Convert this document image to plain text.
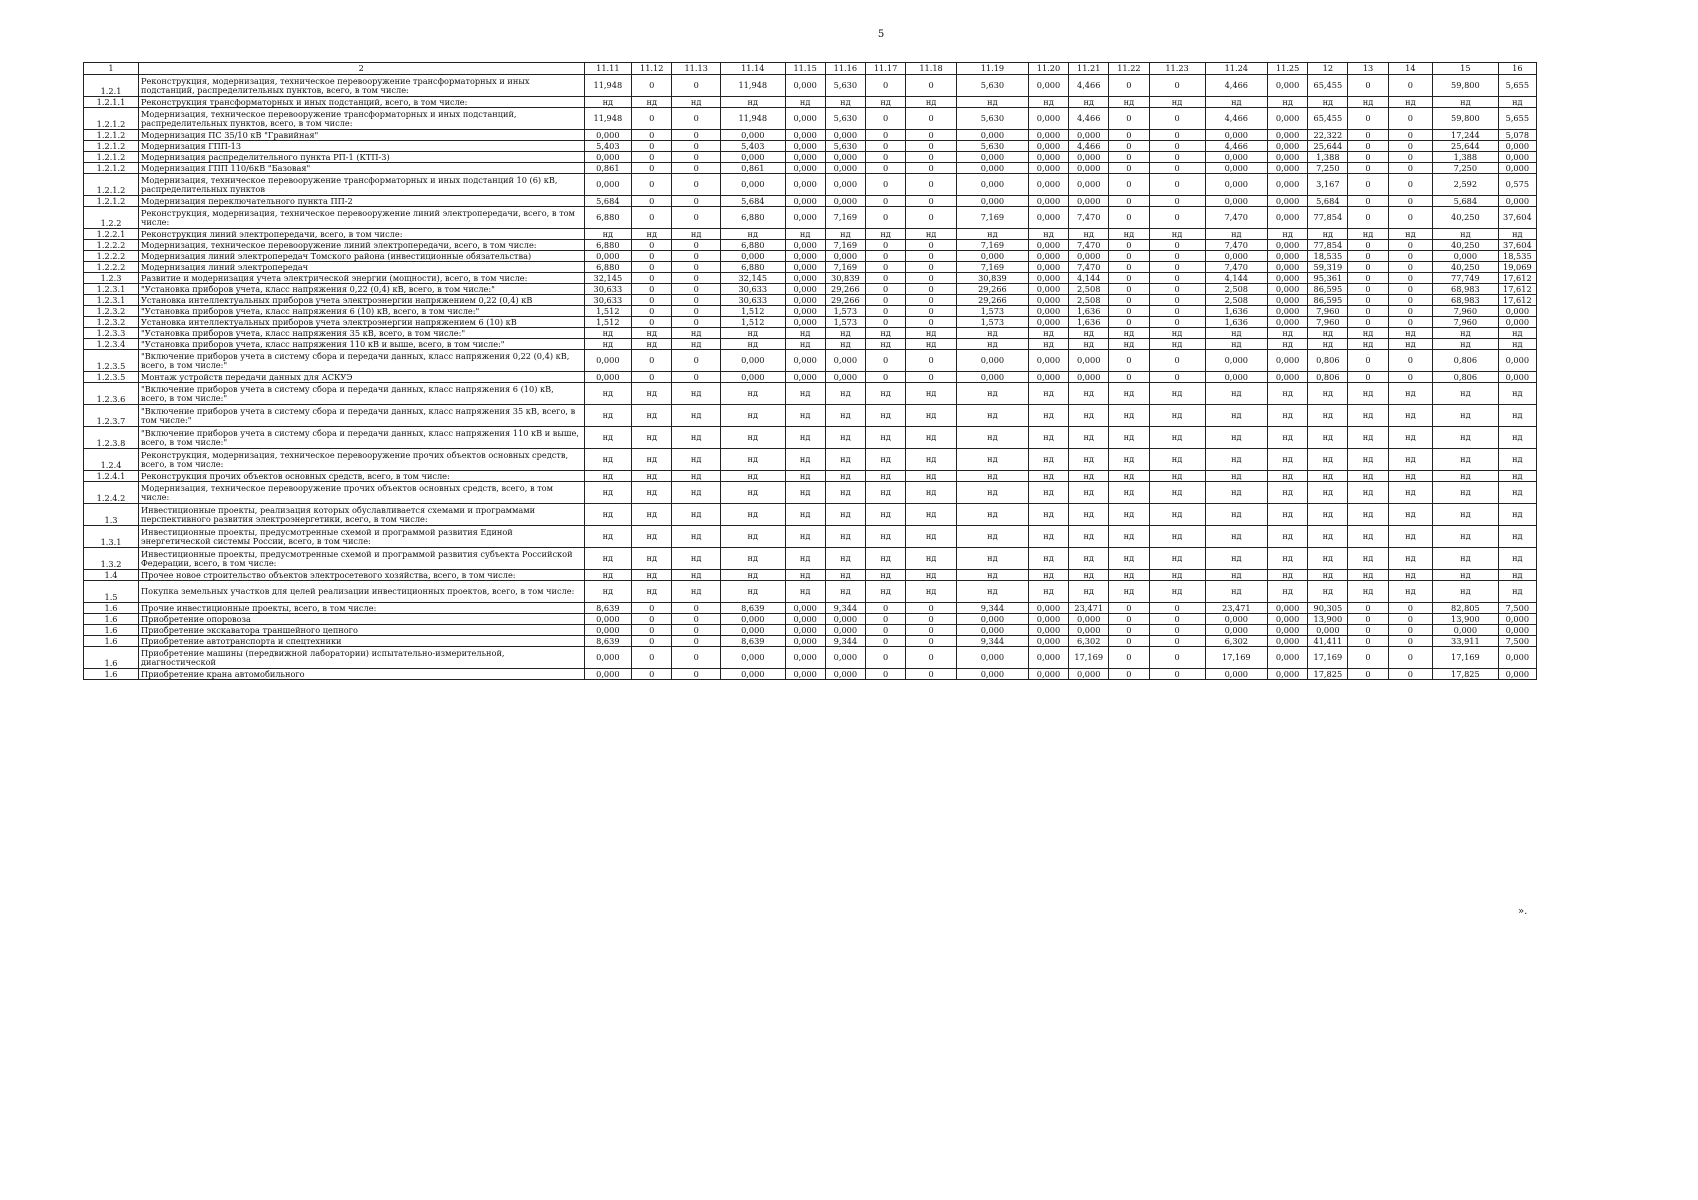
5
1	2	11.11	11.12	11.13	11.14	11.15	11.16	11.17	11.18	11.19	11.20	11.21	11.22	11.23	11.24	11.25	12	13	14	15	16
1.2.1	Реконструкция, модернизация, техническое перевооружение трансформаторных и иных подстанций, распределительных пунктов, всего, в том числе:	11,948	0	0	11,948	0,000	5,630	0	0	5,630	0,000	4,466	0	0	4,466	0,000	65,455	0	0	59,800	5,655
1.2.1.1	Реконструкция трансформаторных и иных подстанций, всего, в том числе:	нд	нд	нд	нд	нд	нд	нд	нд	нд	нд	нд	нд	нд	нд	нд	нд	нд	нд	нд	нд
1.2.1.2	Модернизация, техническое перевооружение трансформаторных и иных подстанций, распределительных пунктов, всего, в том числе:	11,948	0	0	11,948	0,000	5,630	0	0	5,630	0,000	4,466	0	0	4,466	0,000	65,455	0	0	59,800	5,655
1.2.1.2	Модернизация ПС 35/10 кВ "Гравийная"	0,000	0	0	0,000	0,000	0,000	0	0	0,000	0,000	0,000	0	0	0,000	0,000	22,322	0	0	17,244	5,078
1.2.1.2	Модернизация ГПП-13	5,403	0	0	5,403	0,000	5,630	0	0	5,630	0,000	4,466	0	0	4,466	0,000	25,644	0	0	25,644	0,000
1.2.1.2	Модернизация распределительного пункта РП-1 (КТП-3)	0,000	0	0	0,000	0,000	0,000	0	0	0,000	0,000	0,000	0	0	0,000	0,000	1,388	0	0	1,388	0,000
1.2.1.2	Модернизация ГПП 110/6кВ "Базовая"	0,861	0	0	0,861	0,000	0,000	0	0	0,000	0,000	0,000	0	0	0,000	0,000	7,250	0	0	7,250	0,000
1.2.1.2	Модернизация, техническое перевооружение трансформаторных и иных подстанций 10 (6) кВ, распределительных пунктов	0,000	0	0	0,000	0,000	0,000	0	0	0,000	0,000	0,000	0	0	0,000	0,000	3,167	0	0	2,592	0,575
1.2.1.2	Модернизация переключательного пункта ПП-2	5,684	0	0	5,684	0,000	0,000	0	0	0,000	0,000	0,000	0	0	0,000	0,000	5,684	0	0	5,684	0,000
1.2.2	Реконструкция, модернизация, техническое перевооружение линий электропередачи, всего, в том числе:	6,880	0	0	6,880	0,000	7,169	0	0	7,169	0,000	7,470	0	0	7,470	0,000	77,854	0	0	40,250	37,604
1.2.2.1	Реконструкция линий электропередачи, всего, в том числе:	нд	нд	нд	нд	нд	нд	нд	нд	нд	нд	нд	нд	нд	нд	нд	нд	нд	нд	нд	нд
1.2.2.2	Модернизация, техническое перевооружение линий электропередачи, всего, в том числе:	6,880	0	0	6,880	0,000	7,169	0	0	7,169	0,000	7,470	0	0	7,470	0,000	77,854	0	0	40,250	37,604
1.2.2.2	Модернизация линий электропередач Томского района (инвестиционные обязательства)	0,000	0	0	0,000	0,000	0,000	0	0	0,000	0,000	0,000	0	0	0,000	0,000	18,535	0	0	0,000	18,535
1.2.2.2	Модернизация линий электропередач	6,880	0	0	6,880	0,000	7,169	0	0	7,169	0,000	7,470	0	0	7,470	0,000	59,319	0	0	40,250	19,069
1.2.3	Развитие и модернизация учета электрической энергии (мощности), всего, в том числе:	32,145	0	0	32,145	0,000	30,839	0	0	30,839	0,000	4,144	0	0	4,144	0,000	95,361	0	0	77,749	17,612
1.2.3.1	"Установка приборов учета, класс напряжения 0,22 (0,4) кВ, всего, в том числе:"	30,633	0	0	30,633	0,000	29,266	0	0	29,266	0,000	2,508	0	0	2,508	0,000	86,595	0	0	68,983	17,612
1.2.3.1	Установка интеллектуальных приборов учета электроэнергии напряжением 0,22 (0,4) кВ	30,633	0	0	30,633	0,000	29,266	0	0	29,266	0,000	2,508	0	0	2,508	0,000	86,595	0	0	68,983	17,612
1.2.3.2	"Установка приборов учета, класс напряжения 6 (10) кВ, всего, в том числе:"	1,512	0	0	1,512	0,000	1,573	0	0	1,573	0,000	1,636	0	0	1,636	0,000	7,960	0	0	7,960	0,000
1.2.3.2	Установка интеллектуальных приборов учета электроэнергии напряжением 6 (10) кВ	1,512	0	0	1,512	0,000	1,573	0	0	1,573	0,000	1,636	0	0	1,636	0,000	7,960	0	0	7,960	0,000
1.2.3.3	"Установка приборов учета, класс напряжения 35 кВ, всего, в том числе:"	нд	нд	нд	нд	нд	нд	нд	нд	нд	нд	нд	нд	нд	нд	нд	нд	нд	нд	нд	нд
1.2.3.4	"Установка приборов учета, класс напряжения 110 кВ и выше, всего, в том числе:"	нд	нд	нд	нд	нд	нд	нд	нд	нд	нд	нд	нд	нд	нд	нд	нд	нд	нд	нд	нд
1.2.3.5	"Включение приборов учета в систему сбора и передачи данных, класс напряжения 0,22 (0,4) кВ, всего, в том числе:"	0,000	0	0	0,000	0,000	0,000	0	0	0,000	0,000	0,000	0	0	0,000	0,000	0,806	0	0	0,806	0,000
1.2.3.5	Монтаж устройств передачи данных для АСКУЭ	0,000	0	0	0,000	0,000	0,000	0	0	0,000	0,000	0,000	0	0	0,000	0,000	0,806	0	0	0,806	0,000
1.2.3.6	"Включение приборов учета в систему сбора и передачи данных, класс напряжения 6 (10) кВ, всего, в том числе:"	нд	нд	нд	нд	нд	нд	нд	нд	нд	нд	нд	нд	нд	нд	нд	нд	нд	нд	нд	нд
1.2.3.7	"Включение приборов учета в систему сбора и передачи данных, класс напряжения 35 кВ, всего, в том числе:"	нд	нд	нд	нд	нд	нд	нд	нд	нд	нд	нд	нд	нд	нд	нд	нд	нд	нд	нд	нд
1.2.3.8	"Включение приборов учета в систему сбора и передачи данных, класс напряжения 110 кВ и выше, всего, в том числе:"	нд	нд	нд	нд	нд	нд	нд	нд	нд	нд	нд	нд	нд	нд	нд	нд	нд	нд	нд	нд
1.2.4	Реконструкция, модернизация, техническое перевооружение прочих объектов основных средств, всего, в том числе:	нд	нд	нд	нд	нд	нд	нд	нд	нд	нд	нд	нд	нд	нд	нд	нд	нд	нд	нд	нд
1.2.4.1	Реконструкция прочих объектов основных средств, всего, в том числе:	нд	нд	нд	нд	нд	нд	нд	нд	нд	нд	нд	нд	нд	нд	нд	нд	нд	нд	нд	нд
1.2.4.2	Модернизация, техническое перевооружение прочих объектов основных средств, всего, в том числе:	нд	нд	нд	нд	нд	нд	нд	нд	нд	нд	нд	нд	нд	нд	нд	нд	нд	нд	нд	нд
1.3	Инвестиционные проекты, реализация которых обуславливается схемами и программами перспективного развития электроэнергетики, всего, в том числе:	нд	нд	нд	нд	нд	нд	нд	нд	нд	нд	нд	нд	нд	нд	нд	нд	нд	нд	нд	нд
1.3.1	Инвестиционные проекты, предусмотренные схемой и программой развития Единой энергетической системы России, всего, в том числе:	нд	нд	нд	нд	нд	нд	нд	нд	нд	нд	нд	нд	нд	нд	нд	нд	нд	нд	нд	нд
1.3.2	Инвестиционные проекты, предусмотренные схемой и программой развития субъекта Российской Федерации, всего, в том числе:	нд	нд	нд	нд	нд	нд	нд	нд	нд	нд	нд	нд	нд	нд	нд	нд	нд	нд	нд	нд
1.4	Прочее новое строительство объектов электросетевого хозяйства, всего, в том числе:	нд	нд	нд	нд	нд	нд	нд	нд	нд	нд	нд	нд	нд	нд	нд	нд	нд	нд	нд	нд
1.5	Покупка земельных участков для целей реализации инвестиционных проектов, всего, в том числе:	нд	нд	нд	нд	нд	нд	нд	нд	нд	нд	нд	нд	нд	нд	нд	нд	нд	нд	нд	нд
1.6	Прочие инвестиционные проекты, всего, в том числе:	8,639	0	0	8,639	0,000	9,344	0	0	9,344	0,000	23,471	0	0	23,471	0,000	90,305	0	0	82,805	7,500
1.6	Приобретение опоровоза	0,000	0	0	0,000	0,000	0,000	0	0	0,000	0,000	0,000	0	0	0,000	0,000	13,900	0	0	13,900	0,000
1.6	Приобретение экскаватора траншейного цепного	0,000	0	0	0,000	0,000	0,000	0	0	0,000	0,000	0,000	0	0	0,000	0,000	0,000	0	0	0,000	0,000
1.6	Приобретение автотранспорта и спецтехники	8,639	0	0	8,639	0,000	9,344	0	0	9,344	0,000	6,302	0	0	6,302	0,000	41,411	0	0	33,911	7,500
1.6	Приобретение машины (передвижной лаборатории) испытательно-измерительной, диагностической	0,000	0	0	0,000	0,000	0,000	0	0	0,000	0,000	17,169	0	0	17,169	0,000	17,169	0	0	17,169	0,000
1.6	Приобретение крана автомобильного	0,000	0	0	0,000	0,000	0,000	0	0	0,000	0,000	0,000	0	0	0,000	0,000	17,825	0	0	17,825	0,000
».
